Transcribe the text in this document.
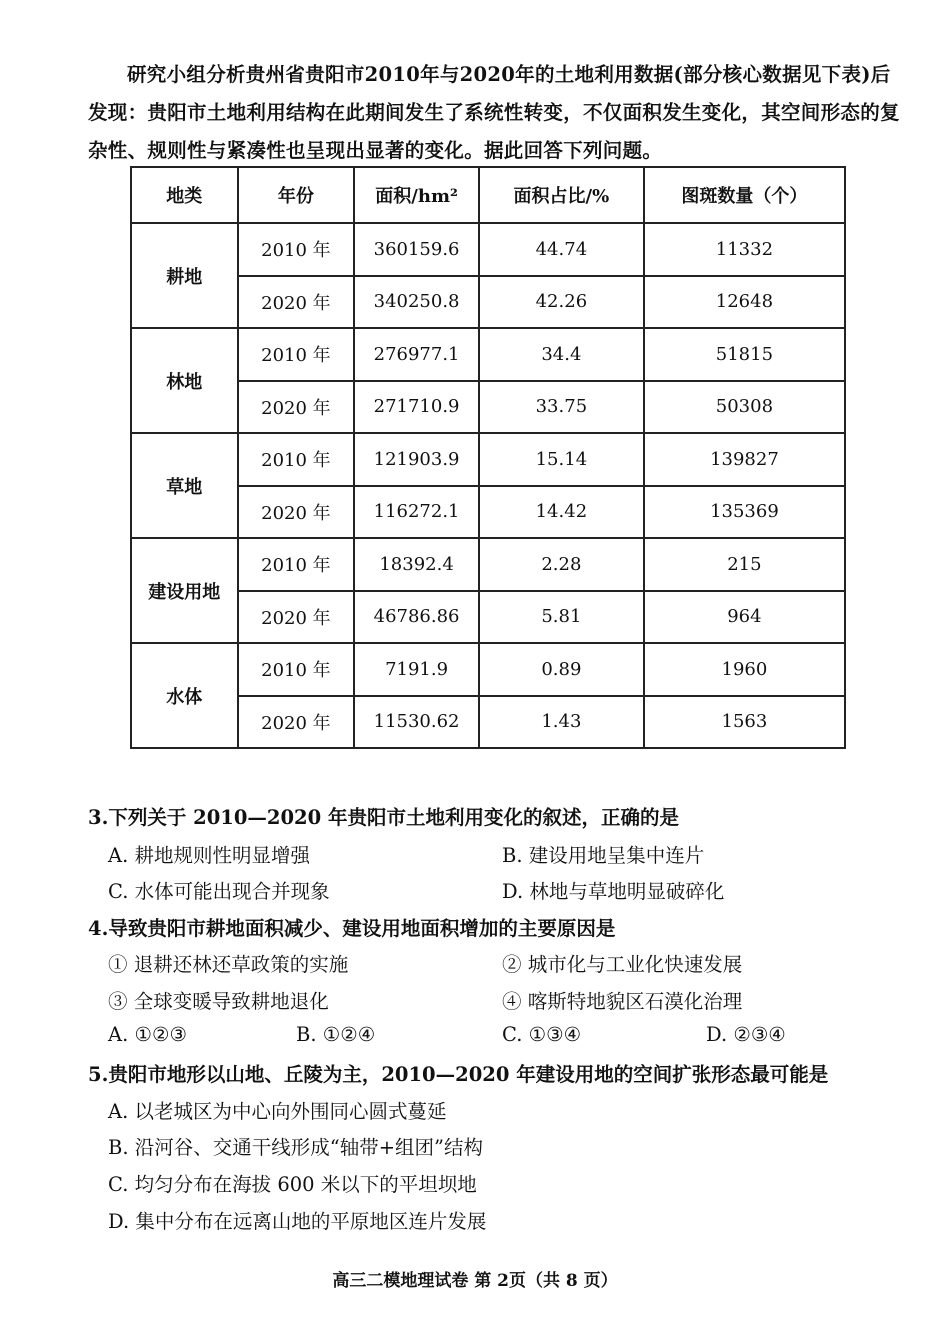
研究小组分析贵州省贵阳市2010年与2020年的土地利用数据(部分核心数据见下表)后发现：贵阳市土地利用结构在此期间发生了系统性转变，不仅面积发生变化，其空间形态的复杂性、规则性与紧凑性也呈现出显著的变化。据此回答下列问题。
地类	年份	面积/hm²	面积占比/%	图斑数量（个）
耕地	2010 年	360159.6	44.74	11332
	2020 年	340250.8	42.26	12648
林地	2010 年	276977.1	34.4	51815
	2020 年	271710.9	33.75	50308
草地	2010 年	121903.9	15.14	139827
	2020 年	116272.1	14.42	135369
建设用地	2010 年	18392.4	2.28	215
	2020 年	46786.86	5.81	964
水体	2010 年	7191.9	0.89	1960
	2020 年	11530.62	1.43	1563
3.下列关于 2010—2020 年贵阳市土地利用变化的叙述，正确的是
A. 耕地规则性明显增强	B. 建设用地呈集中连片
C. 水体可能出现合并现象	D. 林地与草地明显破碎化
4.导致贵阳市耕地面积减少、建设用地面积增加的主要原因是
① 退耕还林还草政策的实施	② 城市化与工业化快速发展
③ 全球变暖导致耕地退化	④ 喀斯特地貌区石漠化治理
A. ①②③	B. ①②④	C. ①③④	D. ②③④
5.贵阳市地形以山地、丘陵为主，2010—2020 年建设用地的空间扩张形态最可能是
A. 以老城区为中心向外围同心圆式蔓延
B. 沿河谷、交通干线形成“轴带+组团”结构
C. 均匀分布在海拔 600 米以下的平坦坝地
D. 集中分布在远离山地的平原地区连片发展
高三二模地理试卷 第 2页（共 8 页）
